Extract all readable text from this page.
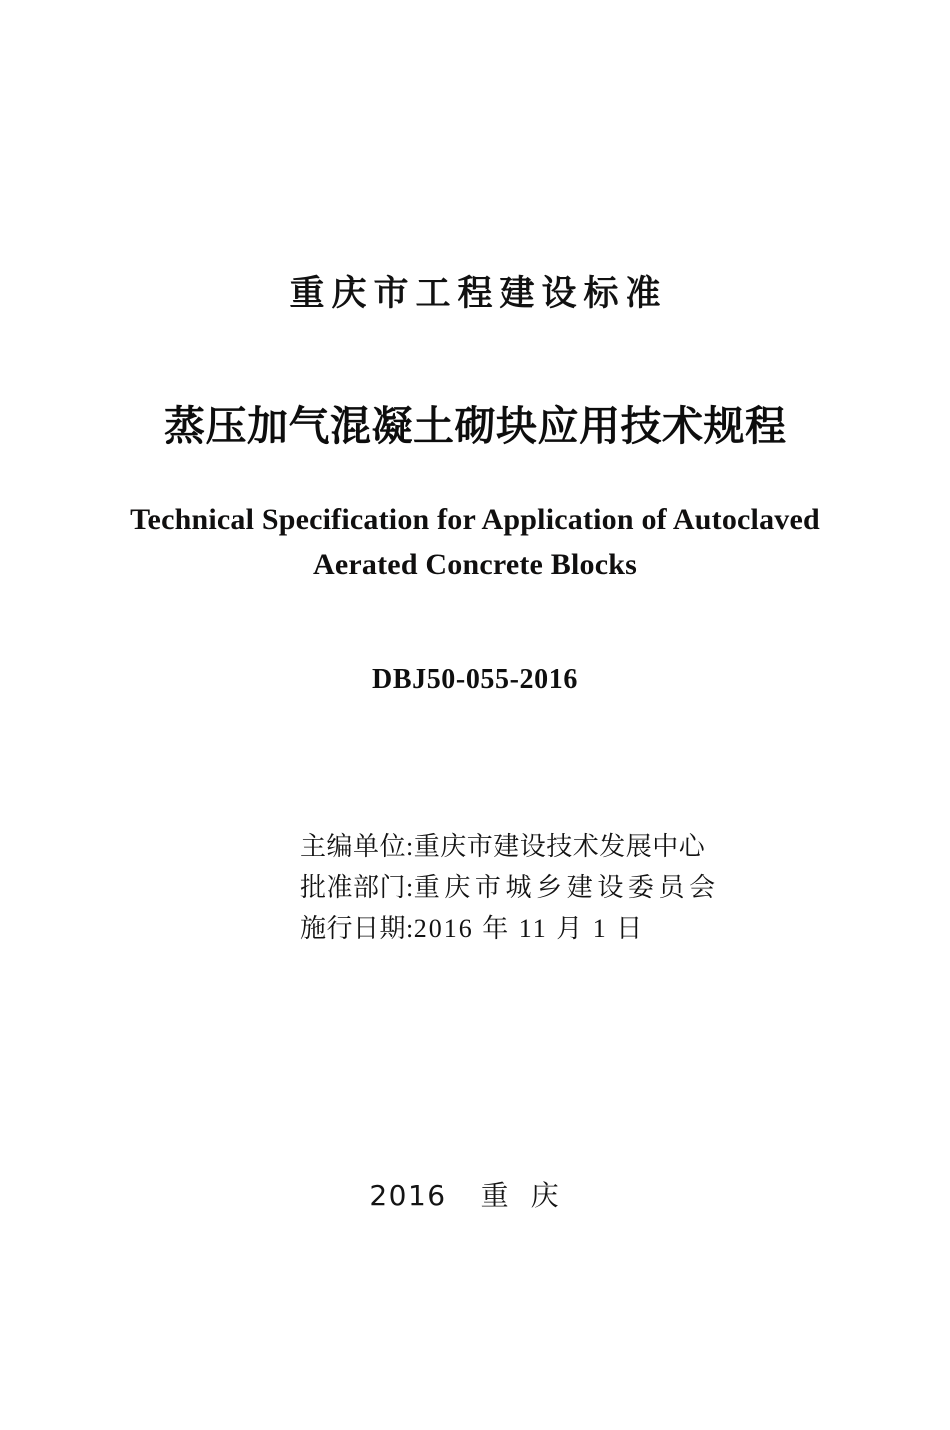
重庆市工程建设标准
蒸压加气混凝土砌块应用技术规程
Technical Specification for Application of Autoclaved
Aerated Concrete Blocks
DBJ50-055-2016
主编单位:重庆市建设技术发展中心
批准部门:重庆市城乡建设委员会
施行日期:2016 年 11 月 1 日
2016 重庆
